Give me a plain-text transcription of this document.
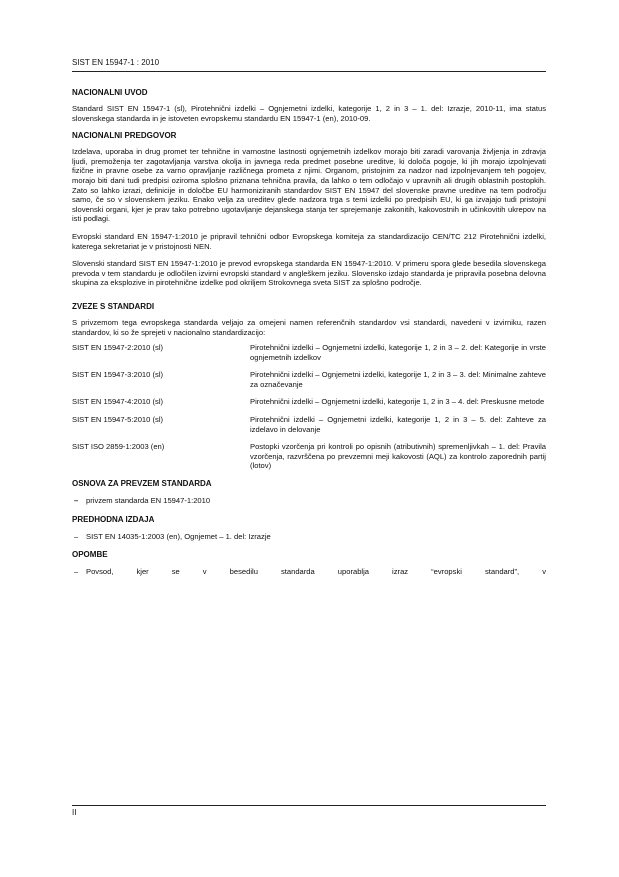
SIST EN 15947-1 : 2010
NACIONALNI UVOD

Standard SIST EN 15947-1 (sl), Pirotehnični izdelki – Ognjemetni izdelki, kategorije 1, 2 in 3 – 1. del: Izrazje, 2010-11, ima status slovenskega standarda in je istoveten evropskemu standardu EN 15947-1 (en), 2010-09.

NACIONALNI PREDGOVOR

Izdelava, uporaba in drug promet ter tehnične in varnostne lastnosti ognjemetnih izdelkov morajo biti zaradi varovanja življenja in zdravja ljudi, premoženja ter zagotavljanja varstva okolja in javnega reda predmet posebne ureditve, ki določa pogoje, ki jih morajo izpolnjevati fizične in pravne osebe za varno opravljanje različnega prometa z njimi. Organom, pristojnim za nadzor nad izpolnjevanjem teh pogojev, morajo biti dani tudi predpisi oziroma splošno priznana tehnična pravila, da lahko o tem odločajo v upravnih ali drugih oblastnih postopkih. Zato so lahko izrazi, definicije in določbe EU harmoniziranih standardov SIST EN 15947 del slovenske pravne ureditve na tem področju samo, če so v slovenskem jeziku. Enako velja za ureditev glede nadzora trga s temi izdelki po predpisih EU, ki ga izvajajo tudi pristojni slovenski organi, kjer je prav tako potrebno ugotavljanje dejanskega stanja ter sprejemanje zakonitih, kakovostnih in učinkovitih ukrepov na isti podlagi.

Evropski standard EN 15947-1:2010 je pripravil tehnični odbor Evropskega komiteja za standardizacijo CEN/TC 212 Pirotehnični izdelki, katerega sekretariat je v pristojnosti NEN.

Slovenski standard SIST EN 15947-1:2010 je prevod evropskega standarda EN 15947-1:2010. V primeru spora glede besedila slovenskega prevoda v tem standardu je odločilen izvirni evropski standard v angleškem jeziku. Slovensko izdajo standarda je pripravila posebna delovna skupina za eksplozive in pirotehnične izdelke pod okriljem Strokovnega sveta SIST za splošno področje.

ZVEZE S STANDARDI

S privzemom tega evropskega standarda veljajo za omejeni namen referenčnih standardov vsi standardi, navedeni v izvirniku, razen standardov, ki so že sprejeti v nacionalno standardizacijo:

SIST EN 15947-2:2010 (sl)	Pirotehnični izdelki – Ognjemetni izdelki, kategorije 1, 2 in 3 – 2. del: Kategorije in vrste ognjemetnih izdelkov
SIST EN 15947-3:2010 (sl)	Pirotehnični izdelki – Ognjemetni izdelki, kategorije 1, 2 in 3 – 3. del: Minimalne zahteve za označevanje
SIST EN 15947-4:2010 (sl)	Pirotehnični izdelki – Ognjemetni izdelki, kategorije 1, 2 in 3 – 4. del: Preskusne metode
SIST EN 15947-5:2010 (sl)	Pirotehnični izdelki – Ognjemetni izdelki, kategorije 1, 2 in 3 – 5. del: Zahteve za izdelavo in delovanje
SIST ISO 2859-1:2003 (en)	Postopki vzorčenja pri kontroli po opisnih (atributivnih) spremenljivkah – 1. del: Pravila vzorčenja, razvrščena po prevzemni meji kakovosti (AQL) za kontrolo zaporednih partij (lotov)
OSNOVA ZA PREVZEM STANDARDA
–	privzem standarda EN 15947-1:2010
PREDHODNA IZDAJA
–	SIST EN 14035-1:2003 (en), Ognjemet – 1. del: Izrazje
OPOMBE
–	Povsod, kjer se v besedilu standarda uporablja izraz “evropski standard”, v
II
